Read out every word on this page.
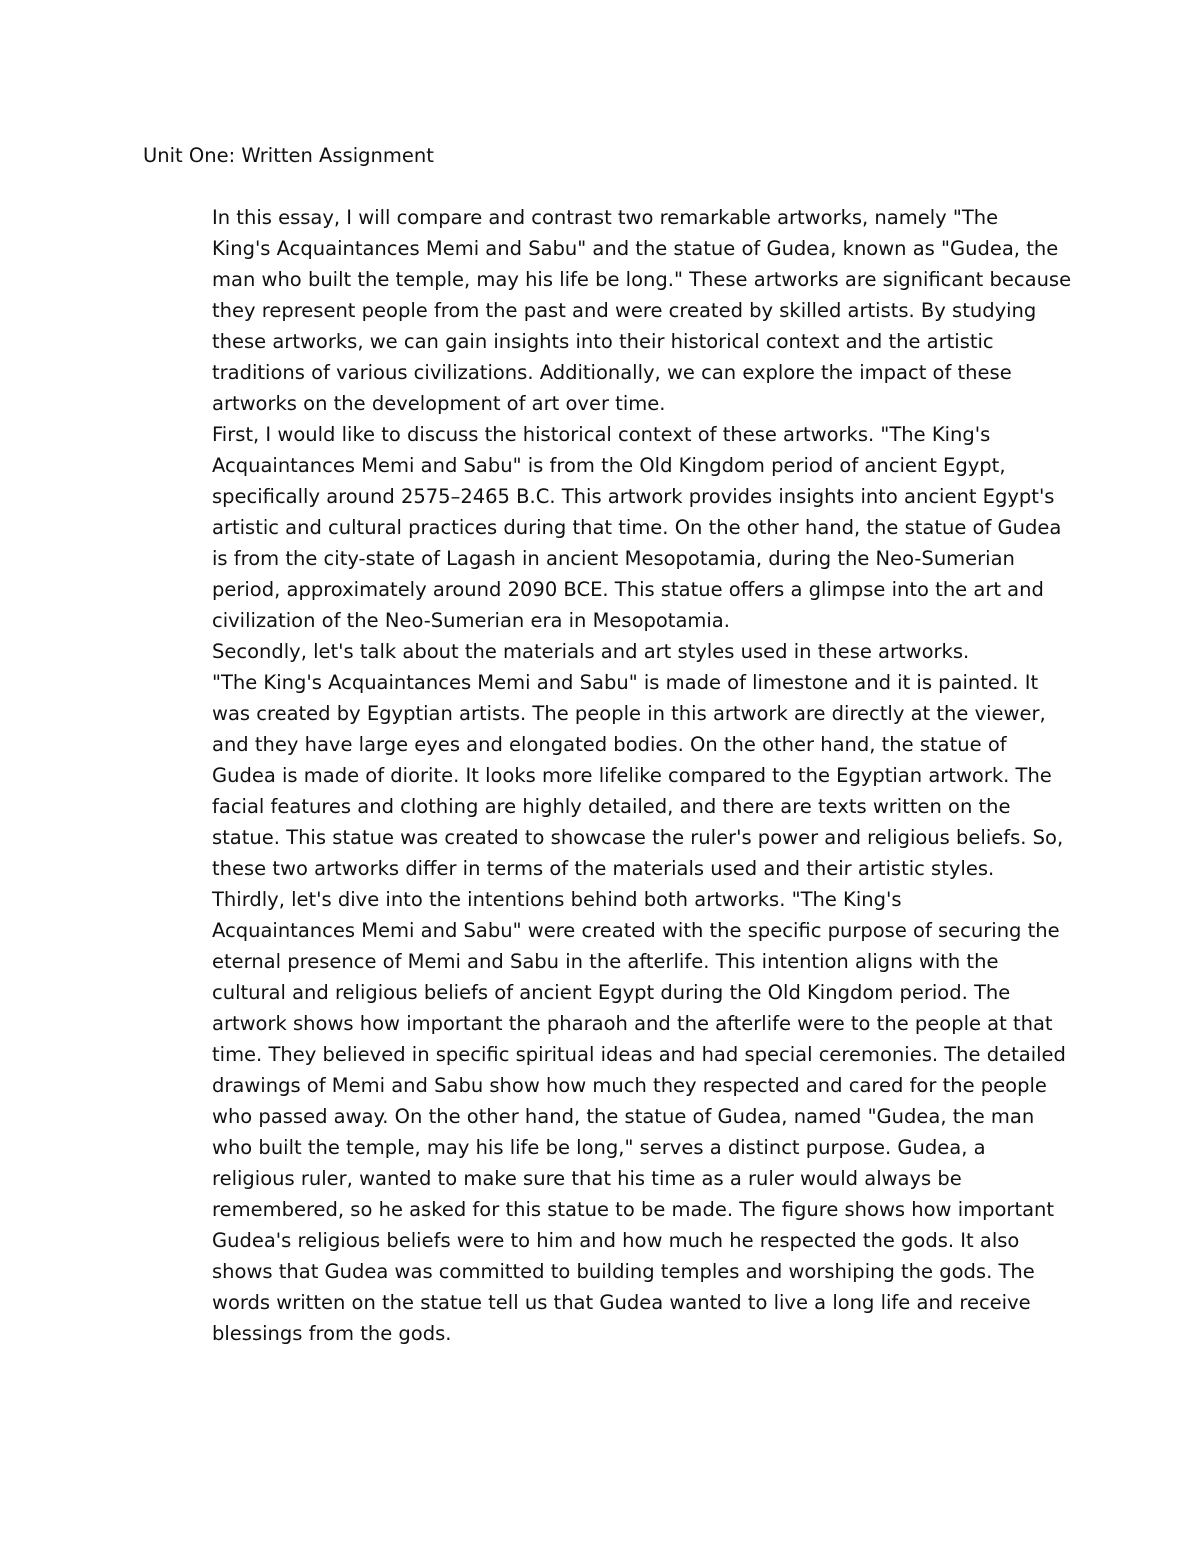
Unit One: Written Assignment

In this essay, I will compare and contrast two remarkable artworks, namely "The
King's Acquaintances Memi and Sabu" and the statue of Gudea, known as "Gudea, the
man who built the temple, may his life be long." These artworks are significant because
they represent people from the past and were created by skilled artists. By studying
these artworks, we can gain insights into their historical context and the artistic
traditions of various civilizations. Additionally, we can explore the impact of these
artworks on the development of art over time.

First, I would like to discuss the historical context of these artworks. "The King's
Acquaintances Memi and Sabu" is from the Old Kingdom period of ancient Egypt,
specifically around 2575–2465 B.C. This artwork provides insights into ancient Egypt's
artistic and cultural practices during that time. On the other hand, the statue of Gudea
is from the city-state of Lagash in ancient Mesopotamia, during the Neo-Sumerian
period, approximately around 2090 BCE. This statue offers a glimpse into the art and
civilization of the Neo-Sumerian era in Mesopotamia.

Secondly, let's talk about the materials and art styles used in these artworks.
"The King's Acquaintances Memi and Sabu" is made of limestone and it is painted. It
was created by Egyptian artists. The people in this artwork are directly at the viewer,
and they have large eyes and elongated bodies. On the other hand, the statue of
Gudea is made of diorite. It looks more lifelike compared to the Egyptian artwork. The
facial features and clothing are highly detailed, and there are texts written on the
statue. This statue was created to showcase the ruler's power and religious beliefs. So,
these two artworks differ in terms of the materials used and their artistic styles.

Thirdly, let's dive into the intentions behind both artworks. "The King's
Acquaintances Memi and Sabu" were created with the specific purpose of securing the
eternal presence of Memi and Sabu in the afterlife. This intention aligns with the
cultural and religious beliefs of ancient Egypt during the Old Kingdom period. The
artwork shows how important the pharaoh and the afterlife were to the people at that
time. They believed in specific spiritual ideas and had special ceremonies. The detailed
drawings of Memi and Sabu show how much they respected and cared for the people
who passed away. On the other hand, the statue of Gudea, named "Gudea, the man
who built the temple, may his life be long," serves a distinct purpose. Gudea, a
religious ruler, wanted to make sure that his time as a ruler would always be
remembered, so he asked for this statue to be made. The figure shows how important
Gudea's religious beliefs were to him and how much he respected the gods. It also
shows that Gudea was committed to building temples and worshiping the gods. The
words written on the statue tell us that Gudea wanted to live a long life and receive
blessings from the gods.
